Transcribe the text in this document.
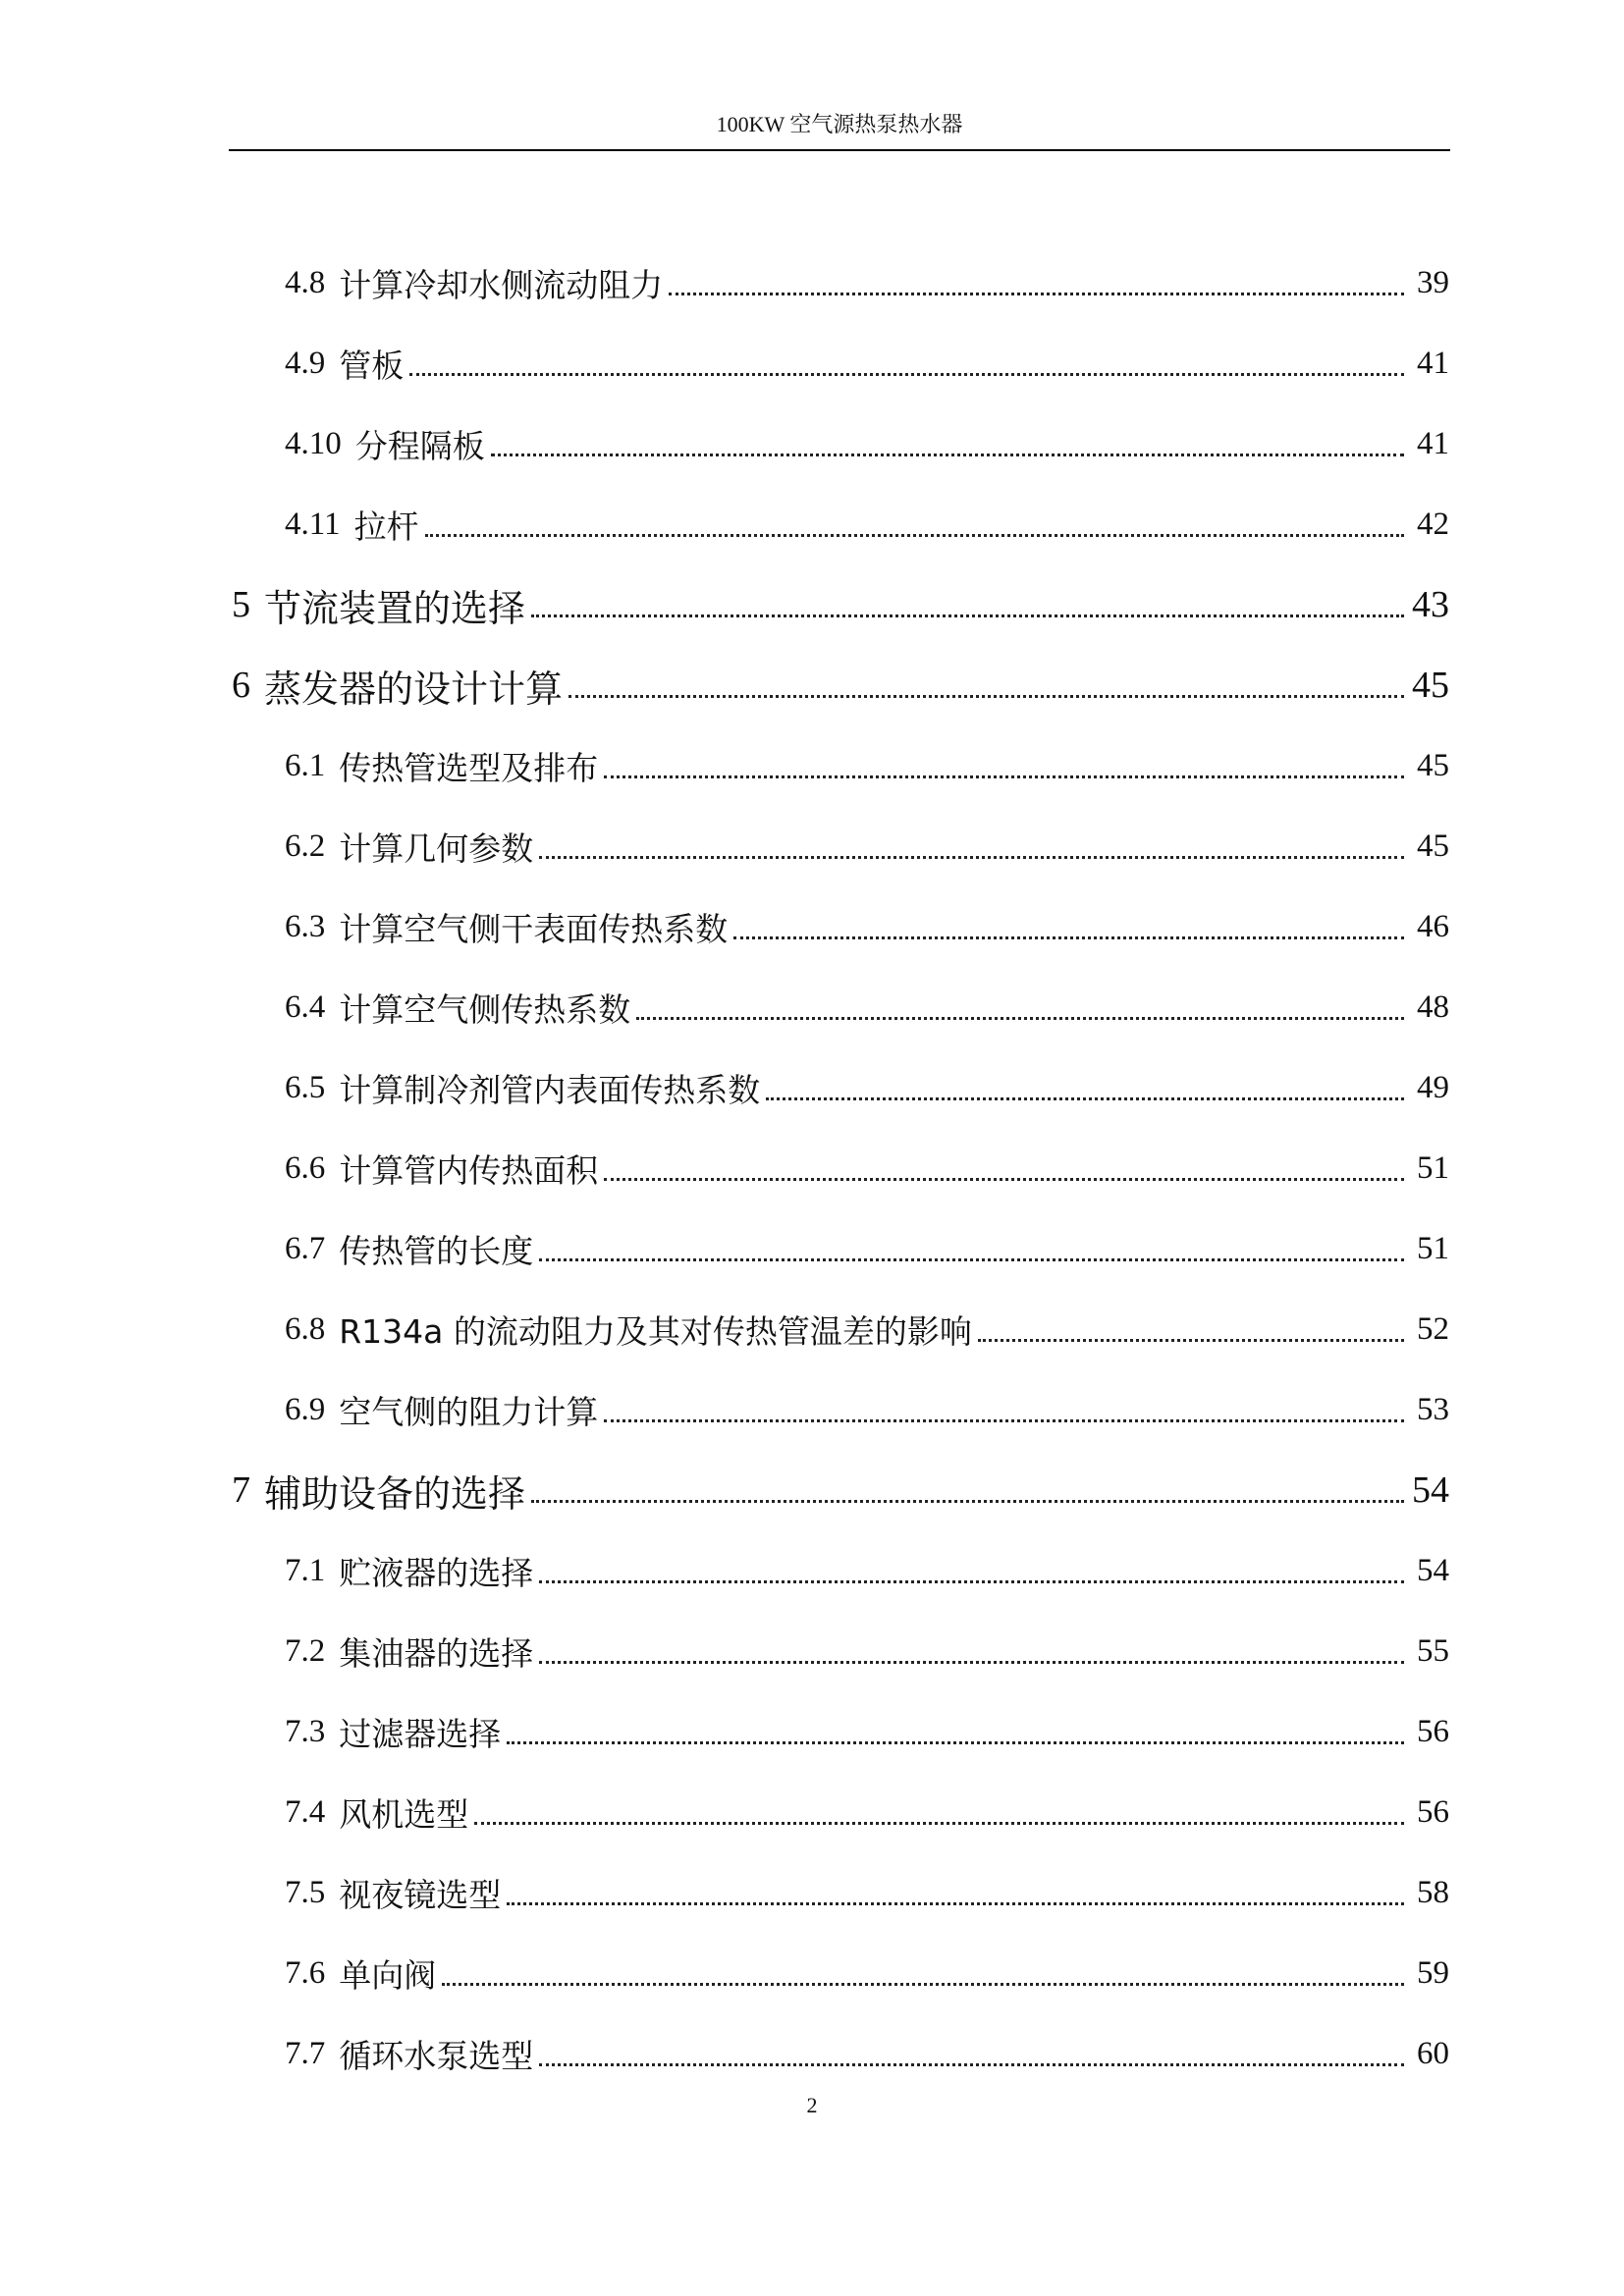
100KW 空气源热泵热水器
4.8 计算冷却水侧流动阻力	39
4.9 管板	41
4.10 分程隔板	41
4.11 拉杆	42
5 节流装置的选择	43
6 蒸发器的设计计算	45
6.1 传热管选型及排布	45
6.2 计算几何参数	45
6.3 计算空气侧干表面传热系数	46
6.4 计算空气侧传热系数	48
6.5 计算制冷剂管内表面传热系数	49
6.6 计算管内传热面积	51
6.7 传热管的长度	51
6.8 R134a 的流动阻力及其对传热管温差的影响	52
6.9 空气侧的阻力计算	53
7 辅助设备的选择	54
7.1 贮液器的选择	54
7.2 集油器的选择	55
7.3 过滤器选择	56
7.4 风机选型	56
7.5 视夜镜选型	58
7.6 单向阀	59
7.7 循环水泵选型	60
2
